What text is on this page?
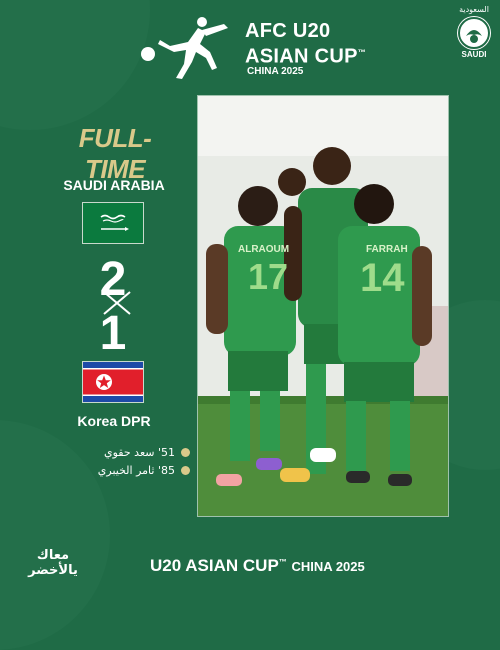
AFC U20
ASIAN CUP™
CHINA 2025
السعودية
SAUDI
FULL-TIME
SAUDI ARABIA
2
1
Korea DPR
51' سعد حقوي
85' ثامر الخيبري
ALRAOUM
17
FARRAH
14
معاك
يالأخضر	U20 ASIAN CUP™ CHINA 2025
